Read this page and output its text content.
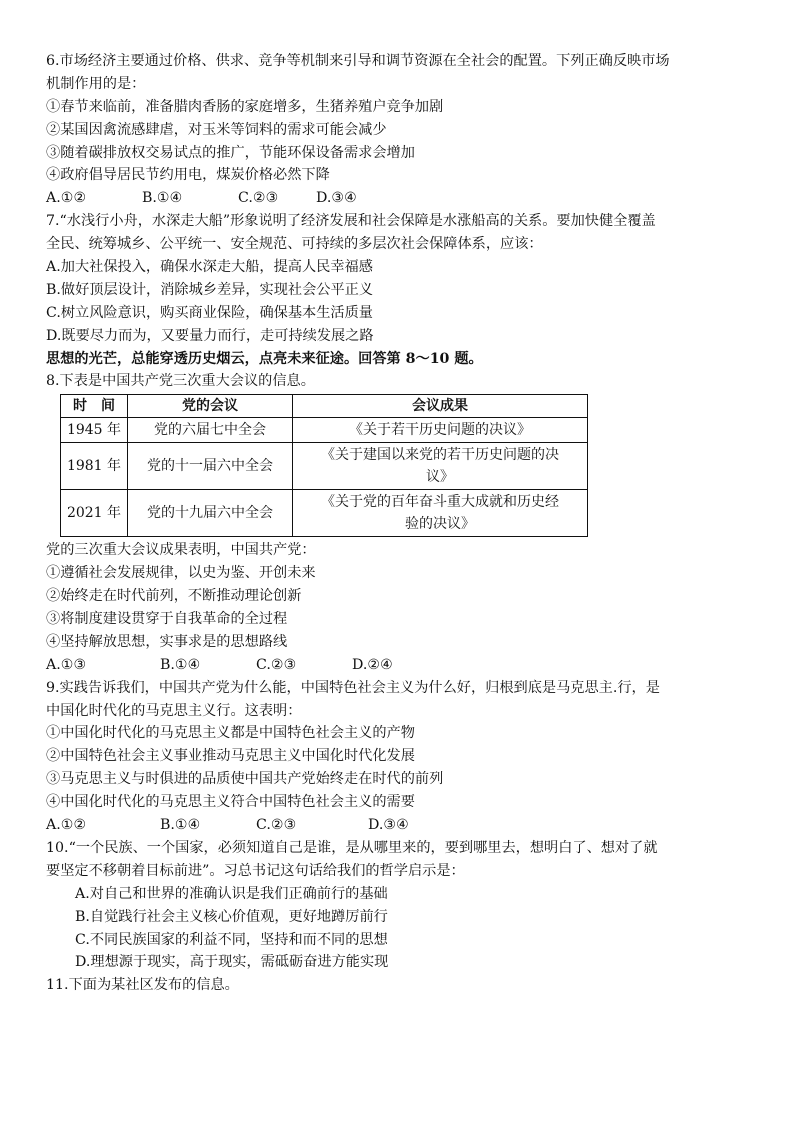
6.市场经济主要通过价格、供求、竞争等机制来引导和调节资源在全社会的配置。下列正确反映市场
机制作用的是：
①春节来临前，准备腊肉香肠的家庭增多，生猪养殖户竞争加剧
②某国因禽流感肆虐，对玉米等饲料的需求可能会减少
③随着碳排放权交易试点的推广，节能环保设备需求会增加
④政府倡导居民节约用电，煤炭价格必然下降
A.①②	B.①④	C.②③	D.③④
7.“水浅行小舟，水深走大船”形象说明了经济发展和社会保障是水涨船高的关系。要加快健全覆盖
全民、统筹城乡、公平统一、安全规范、可持续的多层次社会保障体系，应该：
A.加大社保投入，确保水深走大船，提高人民幸福感
B.做好顶层设计，消除城乡差异，实现社会公平正义
C.树立风险意识，购买商业保险，确保基本生活质量
D.既要尽力而为，又要量力而行，走可持续发展之路
思想的光芒，总能穿透历史烟云，点亮未来征途。回答第 8～10 题。
8.下表是中国共产党三次重大会议的信息。
时　间	党的会议	会议成果
1945 年	党的六届七中全会	《关于若干历史问题的决议》
1981 年	党的十一届六中全会	《关于建国以来党的若干历史问题的决
议》
2021 年	党的十九届六中全会	《关于党的百年奋斗重大成就和历史经
验的决议》
党的三次重大会议成果表明，中国共产党：
①遵循社会发展规律，以史为鉴、开创未来
②始终走在时代前列，不断推动理论创新
③将制度建设贯穿于自我革命的全过程
④坚持解放思想，实事求是的思想路线
A.①③	B.①④	C.②③	D.②④
9.实践告诉我们，中国共产党为什么能，中国特色社会主义为什么好，归根到底是马克思主.行，是
中国化时代化的马克思主义行。这表明：
①中国化时代化的马克思主义都是中国特色社会主义的产物
②中国特色社会主义事业推动马克思主义中国化时代化发展
③马克思主义与时俱进的品质使中国共产党始终走在时代的前列
④中国化时代化的马克思主义符合中国特色社会主义的需要
A.①②	B.①④	C.②③	D.③④
10.“一个民族、一个国家，必须知道自己是谁，是从哪里来的，要到哪里去，想明白了、想对了就
要坚定不移朝着目标前进”。习总书记这句话给我们的哲学启示是：
A.对自己和世界的准确认识是我们正确前行的基础
B.自觉践行社会主义核心价值观，更好地蹲厉前行
C.不同民族国家的利益不同，坚持和而不同的思想
D.理想源于现实，高于现实，需砥砺奋进方能实现
11.下面为某社区发布的信息。
